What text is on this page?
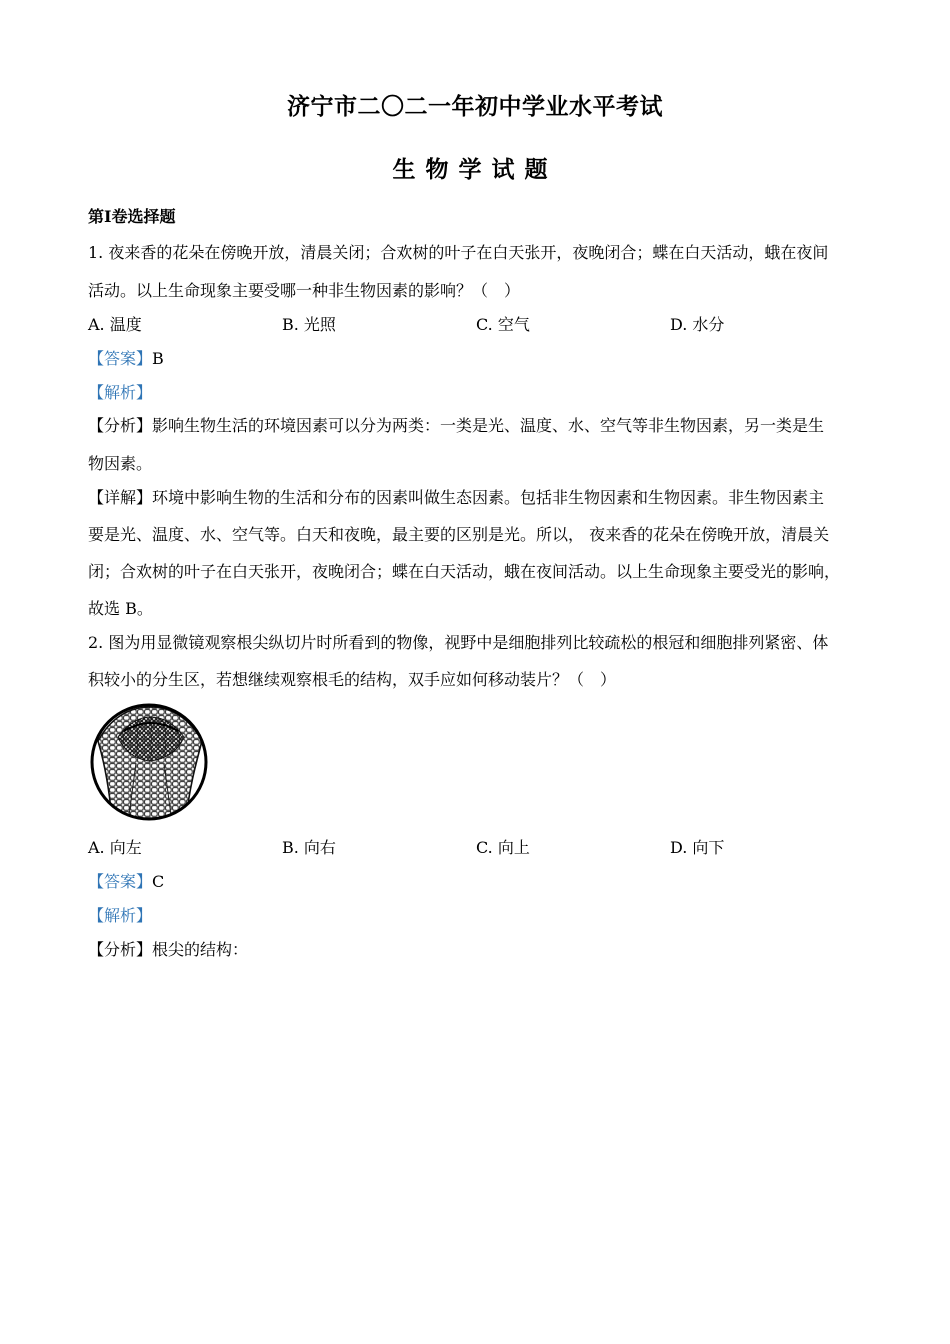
济宁市二〇二一年初中学业水平考试
生物学试题
第Ⅰ卷选择题
1. 夜来香的花朵在傍晚开放，清晨关闭；合欢树的叶子在白天张开，夜晚闭合；蝶在白天活动，蛾在夜间
活动。以上生命现象主要受哪一种非生物因素的影响？（　）
A. 温度	B. 光照	C. 空气	D. 水分
【答案】B
【解析】
【分析】影响生物生活的环境因素可以分为两类：一类是光、温度、水、空气等非生物因素，另一类是生
物因素。
【详解】环境中影响生物的生活和分布的因素叫做生态因素。包括非生物因素和生物因素。非生物因素主
要是光、温度、水、空气等。白天和夜晚，最主要的区别是光。所以， 夜来香的花朵在傍晚开放，清晨关
闭；合欢树的叶子在白天张开，夜晚闭合；蝶在白天活动，蛾在夜间活动。以上生命现象主要受光的影响，
故选 B。
2. 图为用显微镜观察根尖纵切片时所看到的物像，视野中是细胞排列比较疏松的根冠和细胞排列紧密、体
积较小的分生区，若想继续观察根毛的结构，双手应如何移动装片？（　）
A. 向左	B. 向右	C. 向上	D. 向下
【答案】C
【解析】
【分析】根尖的结构：
